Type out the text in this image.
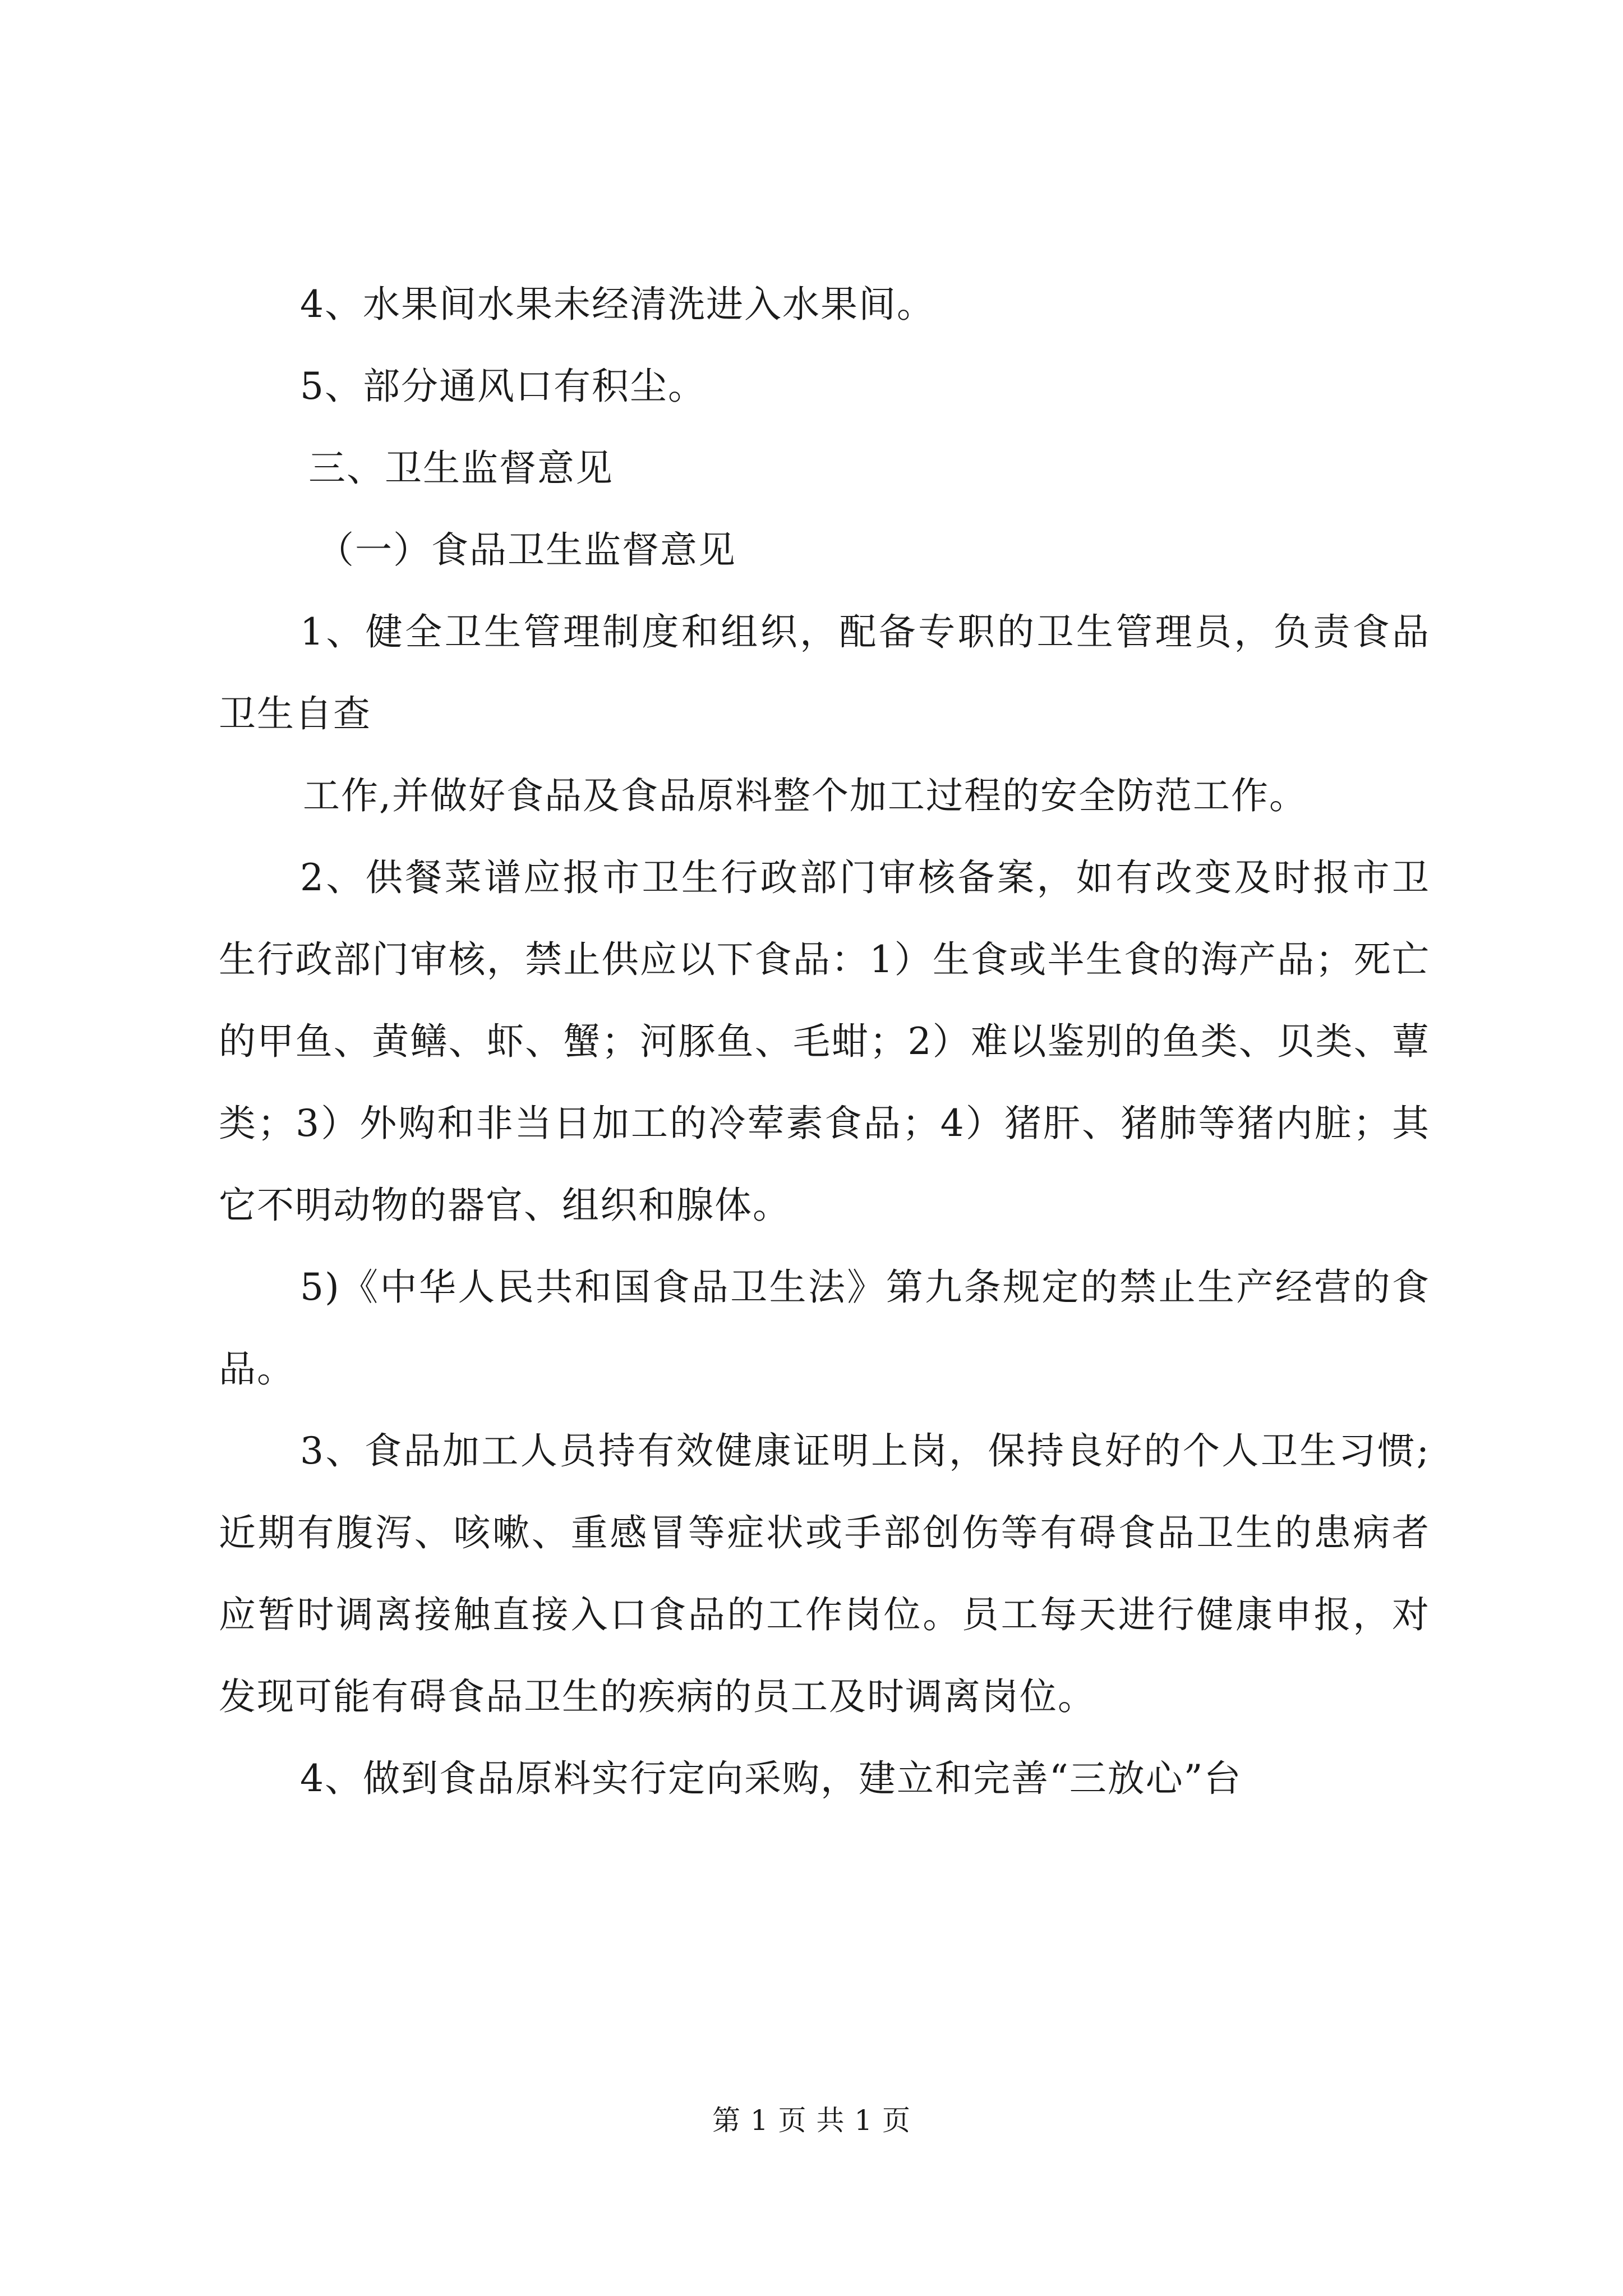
4、水果间水果未经清洗进入水果间。

5、部分通风口有积尘。

三、卫生监督意见

（一）食品卫生监督意见

1、健全卫生管理制度和组织，配备专职的卫生管理员，负责食品卫生自查

工作,并做好食品及食品原料整个加工过程的安全防范工作。

2、供餐菜谱应报市卫生行政部门审核备案，如有改变及时报市卫生行政部门审核，禁止供应以下食品：1）生食或半生食的海产品；死亡的甲鱼、黄鳝、虾、蟹；河豚鱼、毛蚶；2）难以鉴别的鱼类、贝类、蕈类；3）外购和非当日加工的冷荤素食品；4）猪肝、猪肺等猪内脏；其它不明动物的器官、组织和腺体。

5)《中华人民共和国食品卫生法》第九条规定的禁止生产经营的食品。

3、食品加工人员持有效健康证明上岗，保持良好的个人卫生习惯; 近期有腹泻、咳嗽、重感冒等症状或手部创伤等有碍食品卫生的患病者应暂时调离接触直接入口食品的工作岗位。员工每天进行健康申报，对发现可能有碍食品卫生的疾病的员工及时调离岗位。

4、做到食品原料实行定向采购，建立和完善“三放心”台

第 1 页 共 1 页
